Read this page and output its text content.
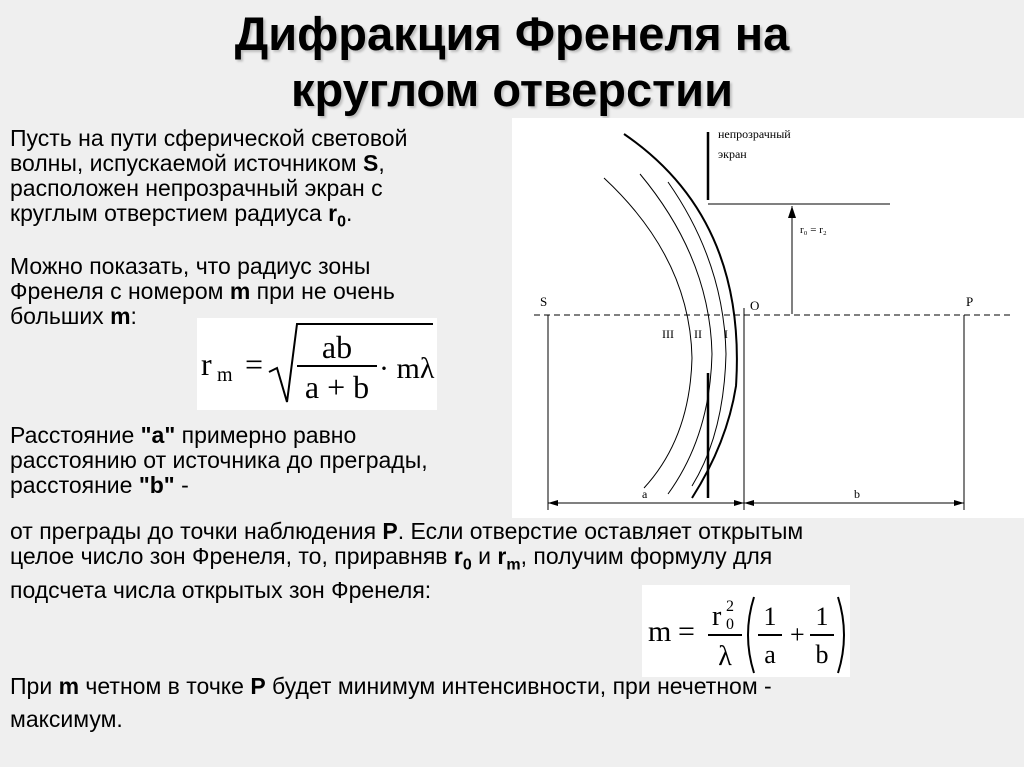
Дифракция Френеля на
круглом отверстии
Пусть на пути сферической световой
волны, испускаемой источником S,
расположен непрозрачный экран с
круглым отверстием радиуса $r_0$.
Можно показать, что радиус зоны
Френеля с номером m при не очень
больших m:
r m = ab
a + b
· mλ
Расстояние "a" примерно равно
расстоянию от источника до преграды,
расстояние "b" -
непрозрачный
экран
r₀ = r₂
S	O	P
III II I
a	b
от преграды до точки наблюдения P. Если отверстие оставляет открытым
целое число зон Френеля, то, приравняв $r_0$ и $r_m$, получим формулу для
подсчета числа открытых зон Френеля:
m = r 2
0
λ
1
a
+
1
b
При m четном в точке P будет минимум интенсивности, при нечетном -
максимум.
